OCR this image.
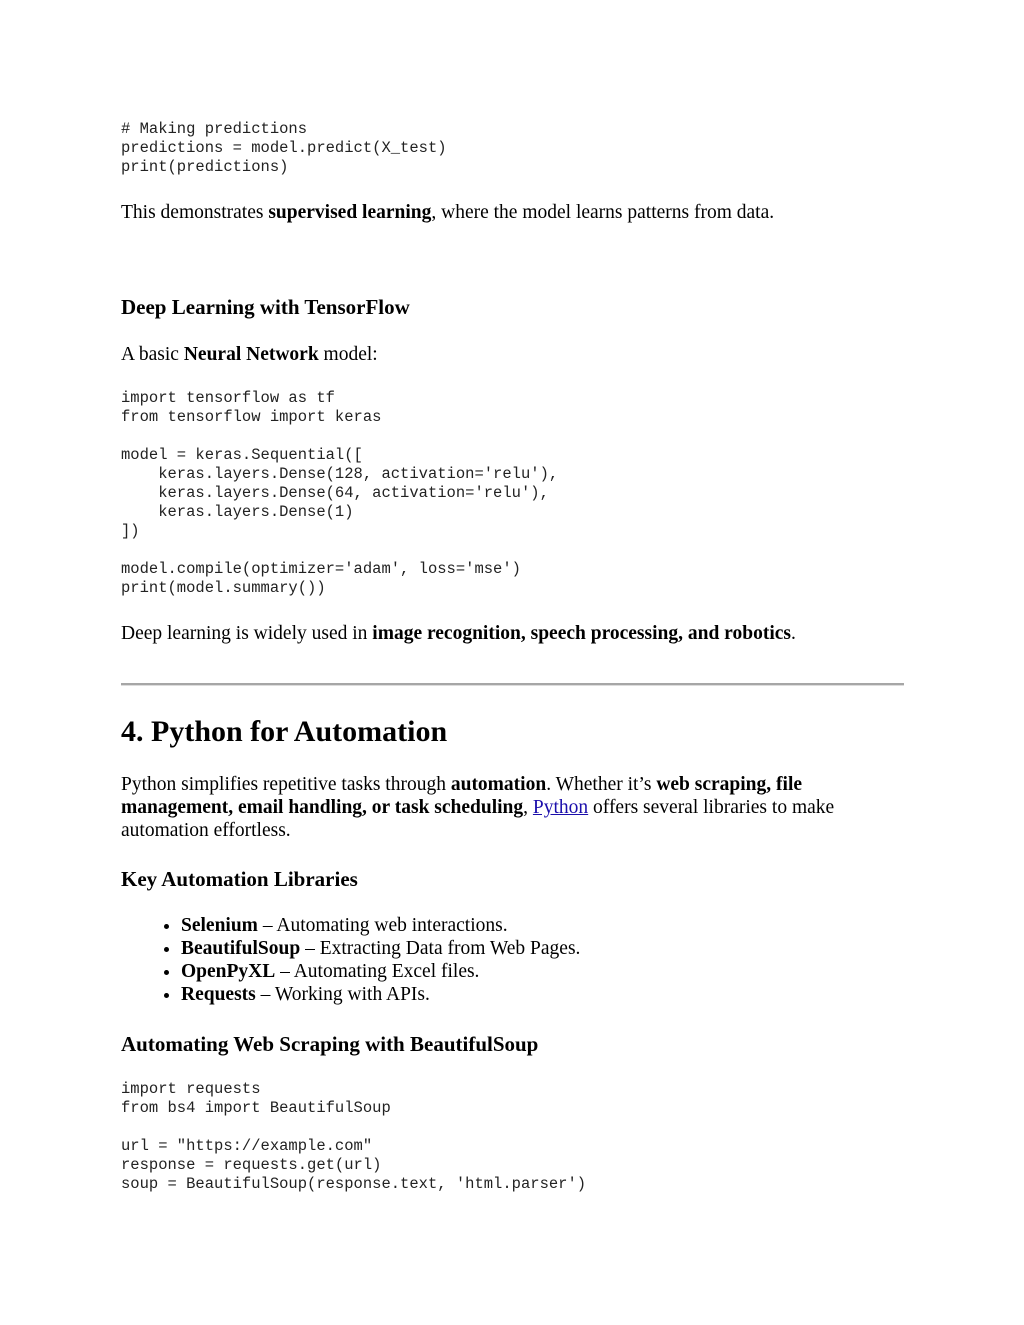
# Making predictions
predictions = model.predict(X_test)
print(predictions)

This demonstrates supervised learning, where the model learns patterns from data.

Deep Learning with TensorFlow

A basic Neural Network model:

import tensorflow as tf
from tensorflow import keras

model = keras.Sequential([
keras.layers.Dense(128, activation='relu'),
keras.layers.Dense(64, activation='relu'),
keras.layers.Dense(1)
])

model.compile(optimizer='adam', loss='mse')
print(model.summary())

Deep learning is widely used in image recognition, speech processing, and robotics.

4. Python for Automation

Python simplifies repetitive tasks through automation. Whether it’s web scraping, file management, email handling, or task scheduling, Python offers several libraries to make automation effortless.

Key Automation Libraries
• Selenium – Automating web interactions.
• BeautifulSoup – Extracting Data from Web Pages.
• OpenPyXL – Automating Excel files.
• Requests – Working with APIs.
Automating Web Scraping with BeautifulSoup
import requests
from bs4 import BeautifulSoup

url = "https://example.com"
response = requests.get(url)
soup = BeautifulSoup(response.text, 'html.parser')
